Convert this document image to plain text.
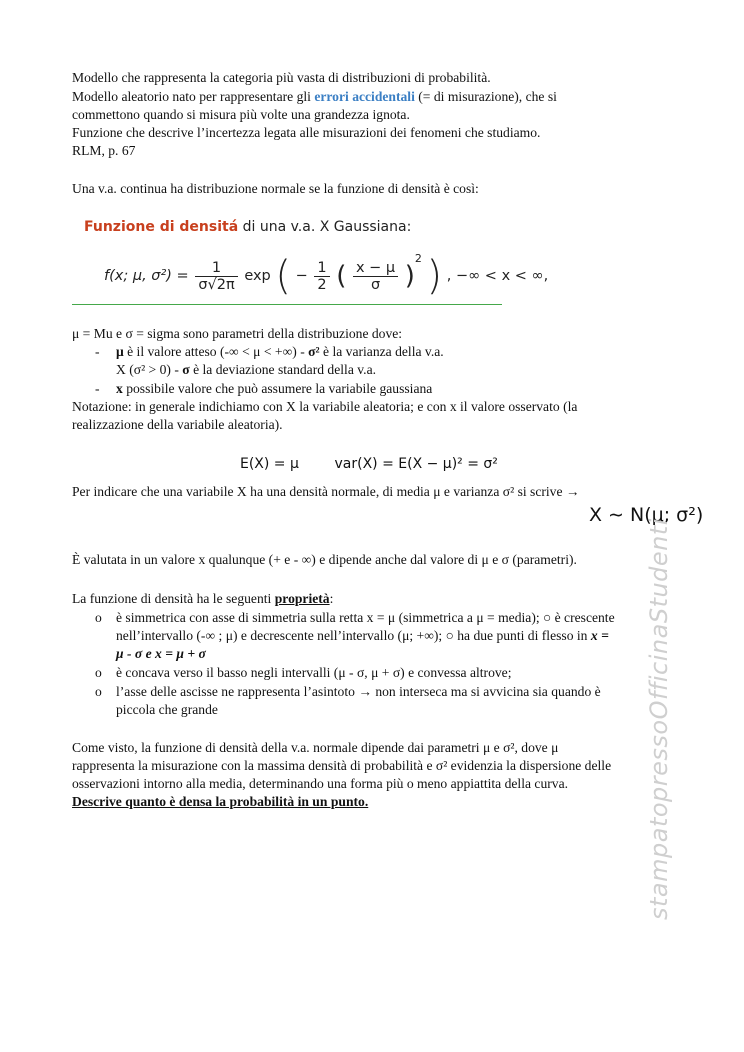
Modello che rappresenta la categoria più vasta di distribuzioni di probabilità.
Modello aleatorio nato per rappresentare gli errori accidentali (= di misurazione), che si
commettono quando si misura più volte una grandezza ignota.
Funzione che descrive l’incertezza legata alle misurazioni dei fenomeni che studiamo.
RLM, p. 67
Una v.a. continua ha distribuzione normale se la funzione di densità è così:
Funzione di densitá di una v.a. X Gaussiana:
f(x; μ, $\sigma^2) = \frac{1}{\sigma√2\pi}$ exp ( − $\frac{1}{2}$ ( $\frac{x - \mu}{\sigma} )^2$ ) , −∞ < x < ∞,
μ = Mu e σ = sigma sono parametri della distribuzione dove:
- μ è il valore atteso (-∞ < μ < +∞) - σ² è la varianza della v.a.
X (σ² > 0) - σ è la deviazione standard della v.a.
- x possibile valore che può assumere la variabile gaussiana
Notazione: in generale indichiamo con X la variabile aleatoria; e con x il valore osservato (la
realizzazione della variabile aleatoria).
E(X) = μ        var(X) = E(X − μ)² = σ²
Per indicare che una variabile X ha una densità normale, di media μ e varianza σ² si scrive →
X ∼ N(μ; σ²)
È valutata in un valore x qualunque (+ e - ∞) e dipende anche dal valore di μ e σ (parametri).
La funzione di densità ha le seguenti proprietà:
o è simmetrica con asse di simmetria sulla retta x = μ (simmetrica a μ = media); ○ è crescente
nell’intervallo (-∞ ; μ) e decrescente nell’intervallo (μ; +∞); ○ ha due punti di flesso in x =
μ - σ e x = μ + σ
o è concava verso il basso negli intervalli (μ - σ, μ + σ) e convessa altrove;
o l’asse delle ascisse ne rappresenta l’asintoto → non interseca ma si avvicina sia quando è
piccola che grande
Come visto, la funzione di densità della v.a. normale dipende dai parametri μ e σ², dove μ
rappresenta la misurazione con la massima densità di probabilità e σ² evidenzia la dispersione delle
osservazioni intorno alla media, determinando una forma più o meno appiattita della curva.
Descrive quanto è densa la probabilità in un punto.	stampatopressoOfficinaStudenti
